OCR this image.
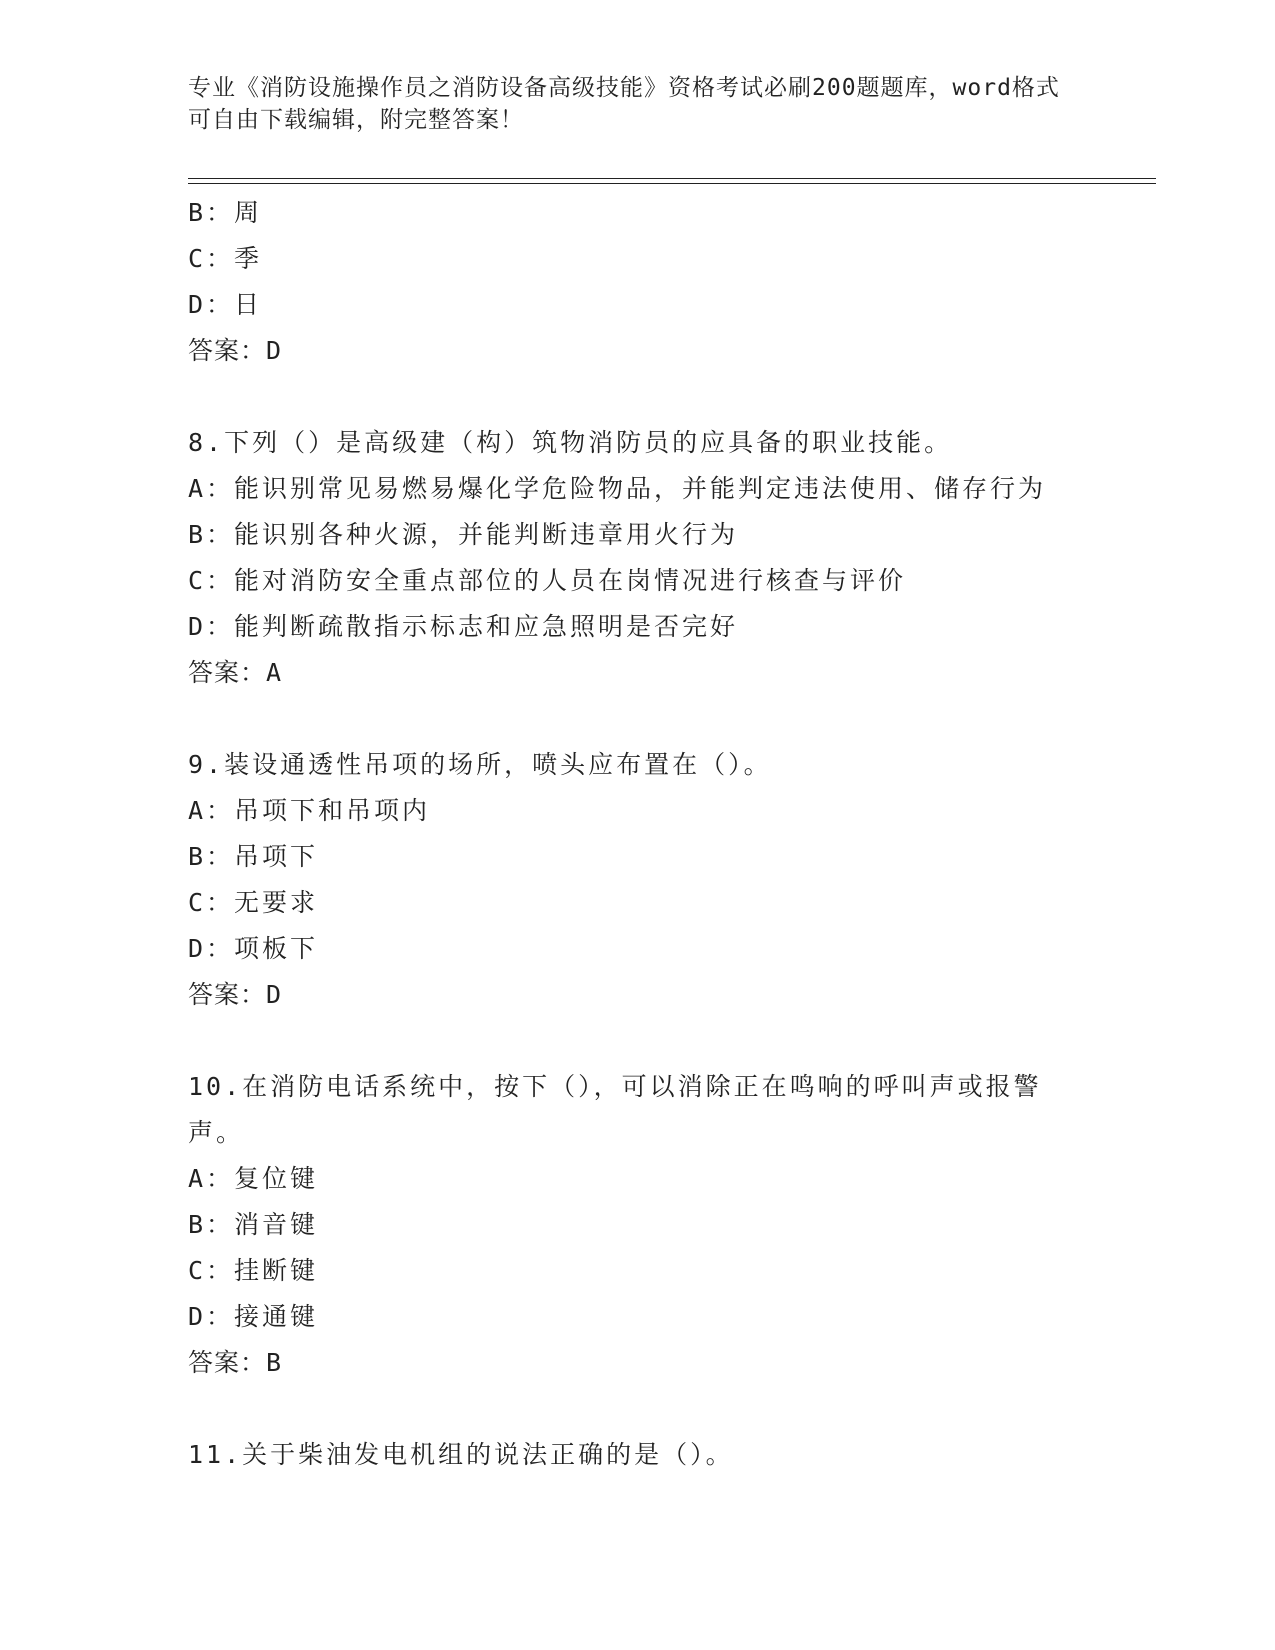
专业《消防设施操作员之消防设备高级技能》资格考试必刷200题题库，word格式可自由下载编辑，附完整答案！
B：周
C：季
D：日
答案：D
8.下列（）是高级建（构）筑物消防员的应具备的职业技能。
A：能识别常见易燃易爆化学危险物品，并能判定违法使用、储存行为
B：能识别各种火源，并能判断违章用火行为
C：能对消防安全重点部位的人员在岗情况进行核查与评价
D：能判断疏散指示标志和应急照明是否完好
答案：A
9.装设通透性吊项的场所，喷头应布置在（）。
A：吊项下和吊项内
B：吊项下
C：无要求
D：项板下
答案：D
10.在消防电话系统中，按下（），可以消除正在鸣响的呼叫声或报警声。
A：复位键
B：消音键
C：挂断键
D：接通键
答案：B
11.关于柴油发电机组的说法正确的是（）。
